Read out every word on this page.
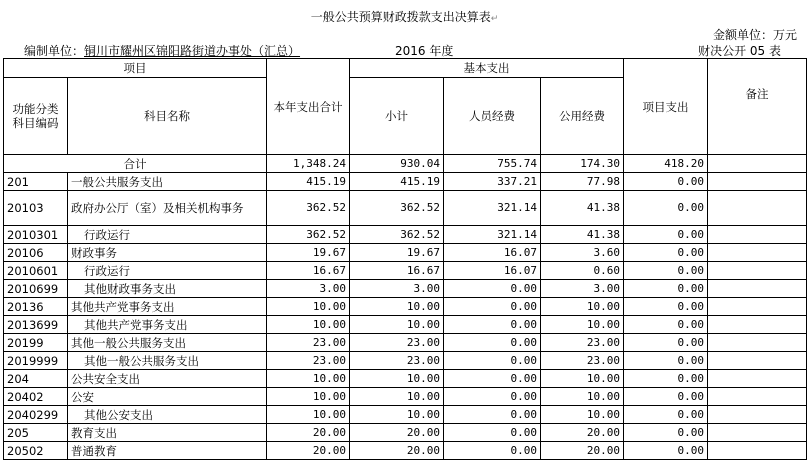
一般公共预算财政拨款支出决算表↵
金额单位：万元
编制单位：铜川市耀州区锦阳路街道办事处（汇总）	2016 年度	财决公开 05 表
项目		本年支出合计	基本支出			项目支出	备注
功能分类科目编码	科目名称		小计	人员经费	公用经费		
合计		1,348.24	930.04	755.74	174.30	418.20	
201	一般公共服务支出	415.19	415.19	337.21	77.98	0.00	
20103	政府办公厅（室）及相关机构事务	362.52	362.52	321.14	41.38	0.00	
2010301	行政运行	362.52	362.52	321.14	41.38	0.00	
20106	财政事务	19.67	19.67	16.07	3.60	0.00	
2010601	行政运行	16.67	16.67	16.07	0.60	0.00	
2010699	其他财政事务支出	3.00	3.00	0.00	3.00	0.00	
20136	其他共产党事务支出	10.00	10.00	0.00	10.00	0.00	
2013699	其他共产党事务支出	10.00	10.00	0.00	10.00	0.00	
20199	其他一般公共服务支出	23.00	23.00	0.00	23.00	0.00	
2019999	其他一般公共服务支出	23.00	23.00	0.00	23.00	0.00	
204	公共安全支出	10.00	10.00	0.00	10.00	0.00	
20402	公安	10.00	10.00	0.00	10.00	0.00	
2040299	其他公安支出	10.00	10.00	0.00	10.00	0.00	
205	教育支出	20.00	20.00	0.00	20.00	0.00	
20502	普通教育	20.00	20.00	0.00	20.00	0.00	
